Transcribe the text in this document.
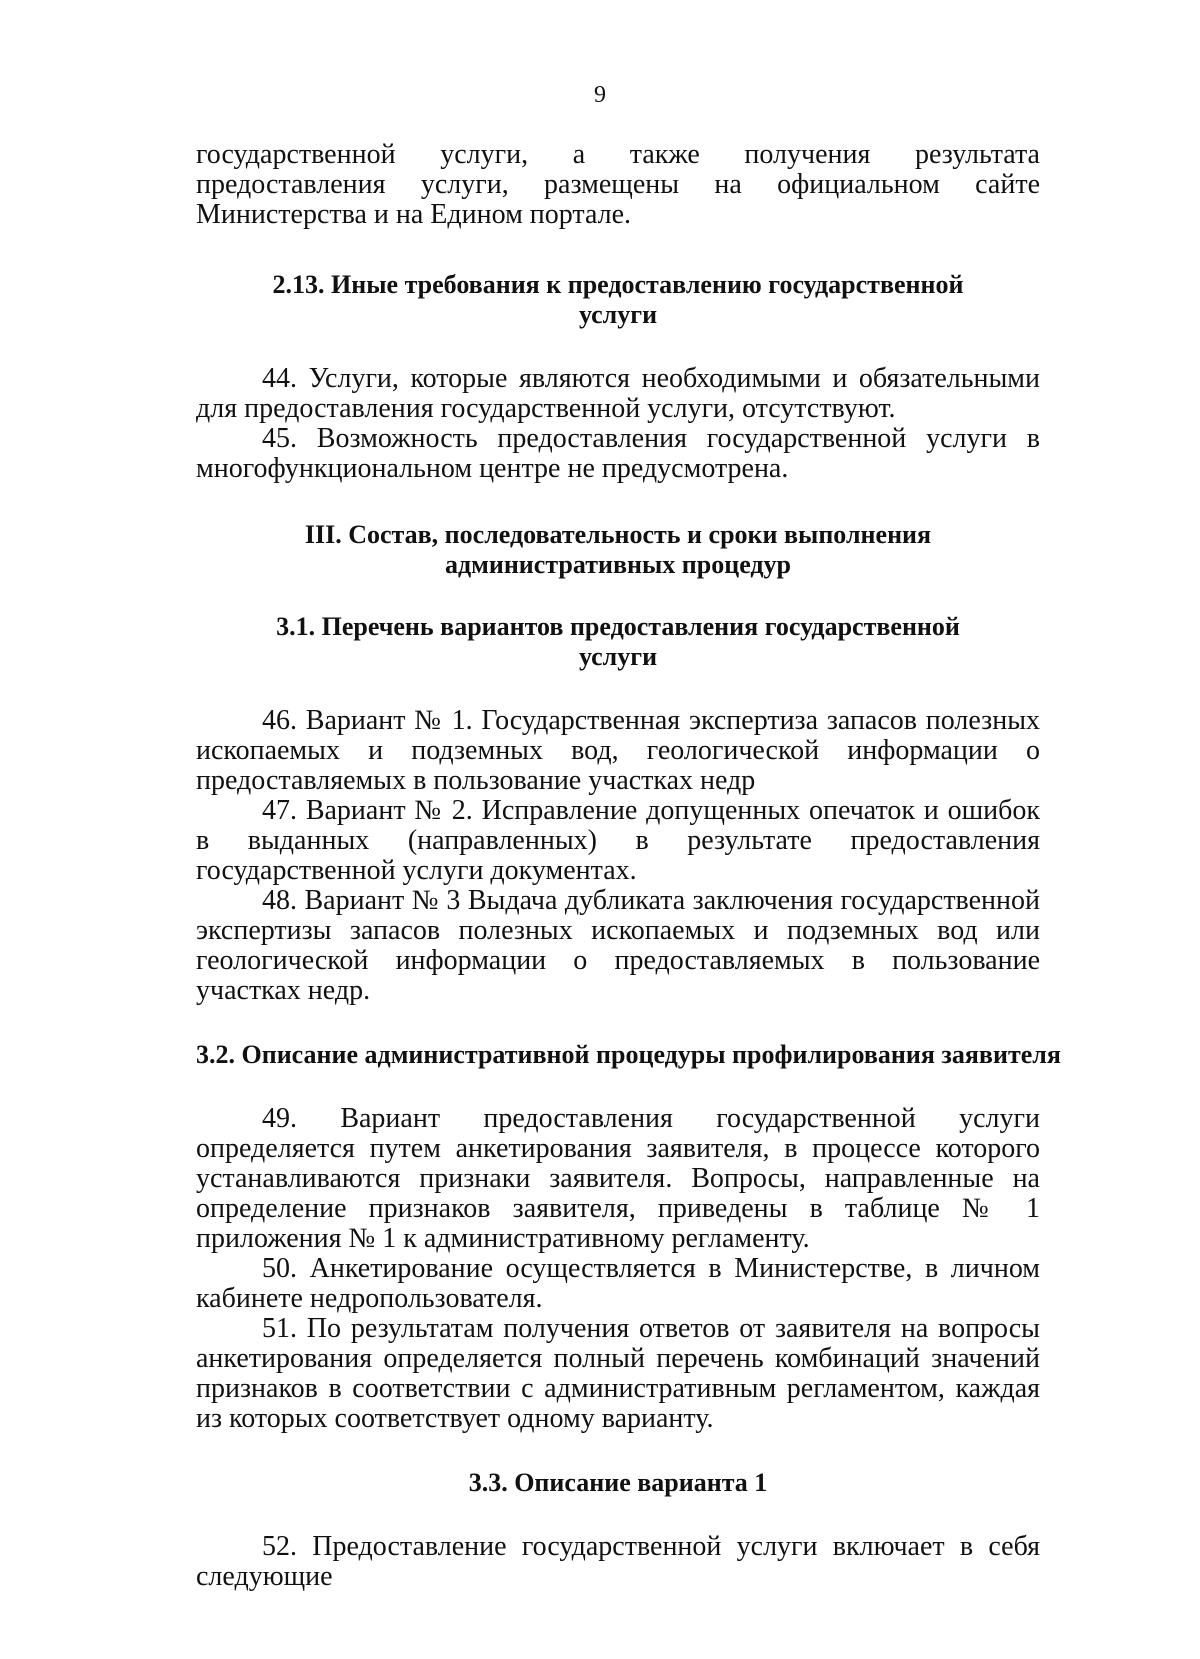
9

государственной услуги, а также получения результата предоставления услуги, размещены на официальном сайте Министерства и на Едином портале.

2.13. Иные требования к предоставлению государственной
услуги

44. Услуги, которые являются необходимыми и обязательными для предоставления государственной услуги, отсутствуют.

45. Возможность предоставления государственной услуги в многофункциональном центре не предусмотрена.

III. Состав, последовательность и сроки выполнения
административных процедур
3.1. Перечень вариантов предоставления государственной
услуги

46. Вариант № 1. Государственная экспертиза запасов полезных ископаемых и подземных вод, геологической информации о предоставляемых в пользование участках недр

47. Вариант № 2. Исправление допущенных опечаток и ошибок в выданных (направленных) в результате предоставления государственной услуги документах.

48. Вариант № 3 Выдача дубликата заключения государственной экспертизы запасов полезных ископаемых и подземных вод или геологической информации о предоставляемых в пользование участках недр.

3.2. Описание административной процедуры профилирования заявителя

49. Вариант предоставления государственной услуги определяется путем анкетирования заявителя, в процессе которого устанавливаются признаки заявителя. Вопросы, направленные на определение признаков заявителя, приведены в таблице № 1 приложения № 1 к административному регламенту.

50. Анкетирование осуществляется в Министерстве, в личном кабинете недропользователя.

51. По результатам получения ответов от заявителя на вопросы анкетирования определяется полный перечень комбинаций значений признаков в соответствии с административным регламентом, каждая из которых соответствует одному варианту.

3.3. Описание варианта 1

52. Предоставление государственной услуги включает в себя следующие
